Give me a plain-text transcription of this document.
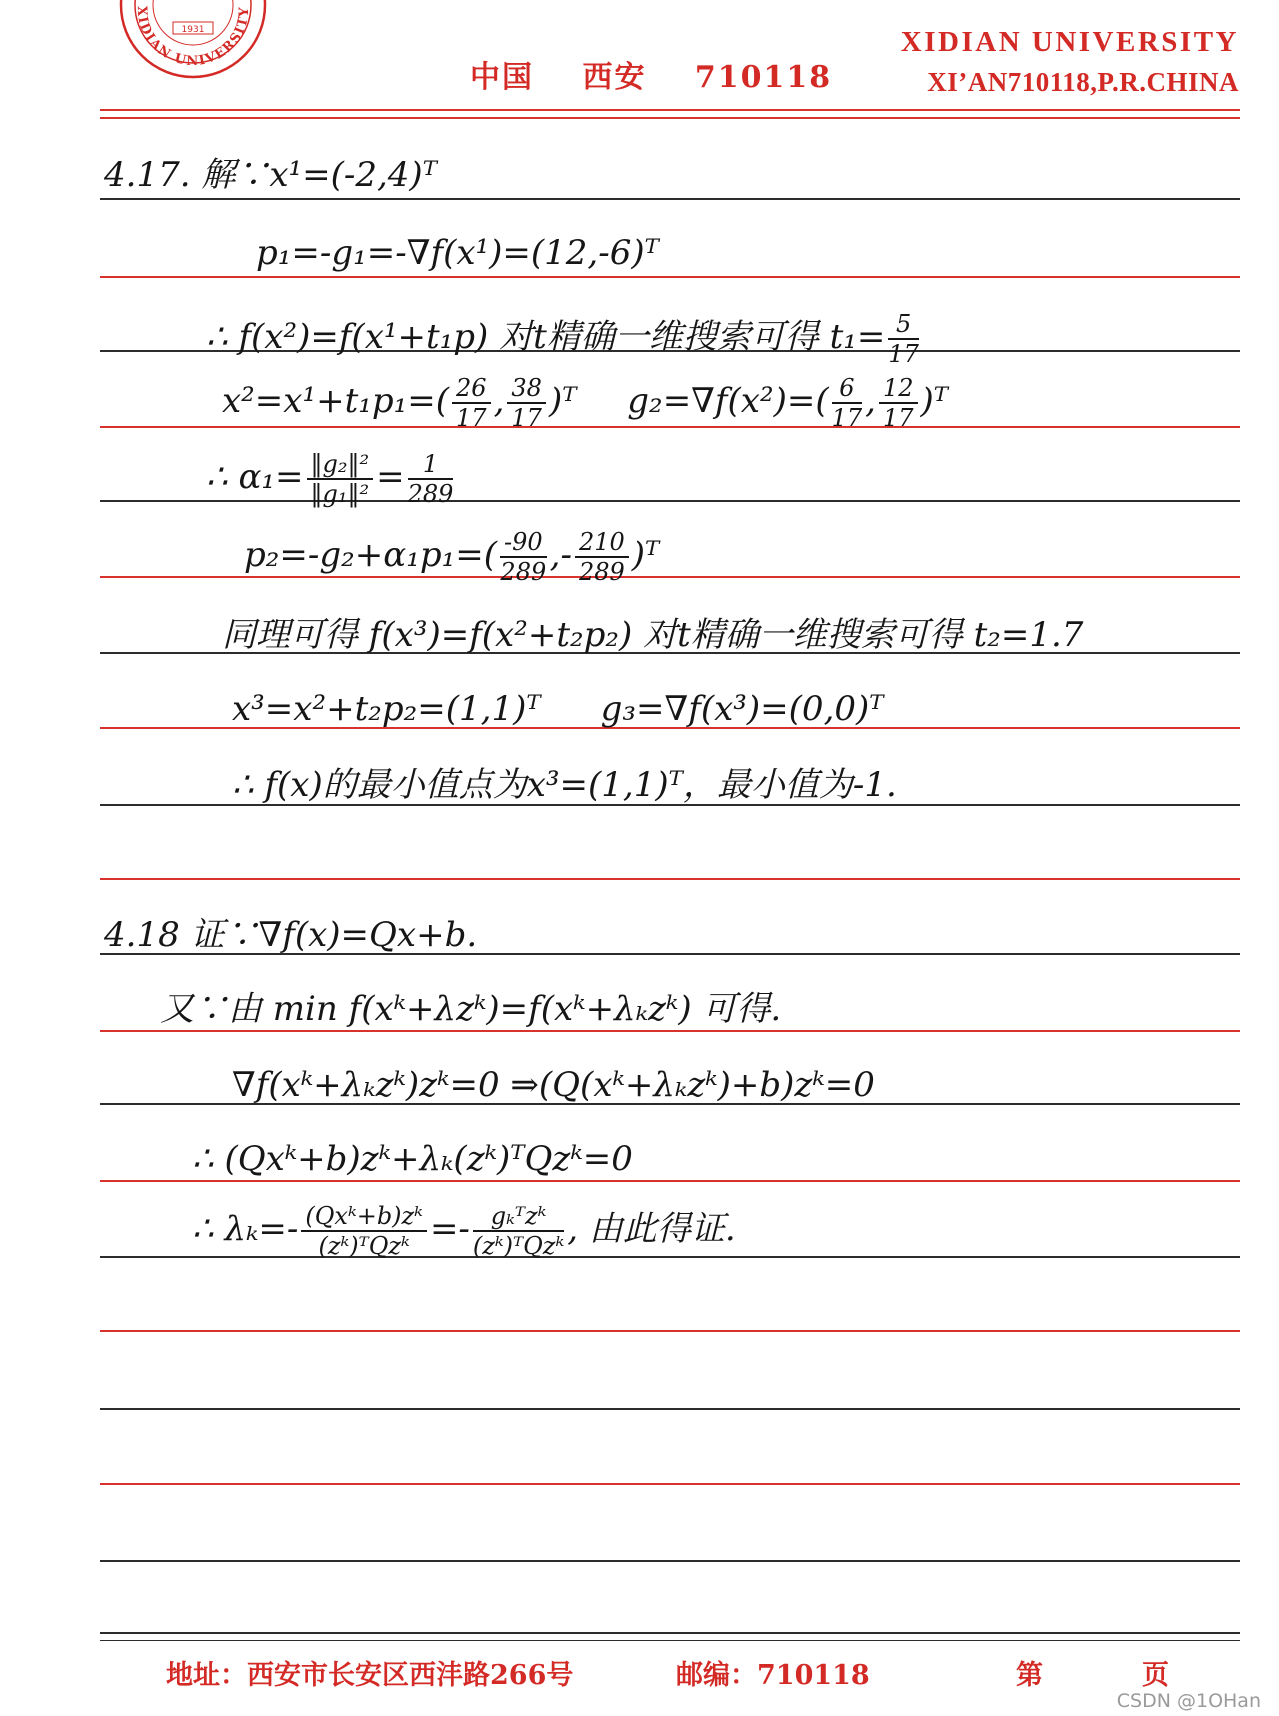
XIDIAN UNIVERSITY
1931
中国 西安 710118
XIDIAN UNIVERSITY
XI’AN710118,P.R.CHINA
4.17. 解∵x¹=(-2,4)ᵀ
p₁=-g₁=-∇f(x¹)=(12,-6)ᵀ
∴ f(x²)=f(x¹+t₁p) 对t精确一维搜索可得 $t_1= \frac{5}{17}$
$x^2=x^1+t_1p_1=( \frac{26}{17}$ , $\frac{38}{17}$ )ᵀ $g_2=\nabla f(x^2)=( \frac{6}{17}$ , $\frac{12}{17}$ )ᵀ
∴ $\alpha_1= \frac{\text{‖g₂‖²}}{\text{‖g₁‖²}} = \frac{1}{289}$
$p_2=-g_2+\alpha_1p_1=( \frac{-90}{289}$ ,- $\frac{210}{289}$ )ᵀ
同理可得 f(x³)=f(x²+t₂p₂) 对t精确一维搜索可得 t₂=1.7
x³=x²+t₂p₂=(1,1)ᵀ g₃=∇f(x³)=(0,0)ᵀ
∴ f(x)的最小值点为x³=(1,1)ᵀ，最小值为-1.
4.18 证∵∇f(x)=Qx+b.
又∵由 min f(xᵏ+λzᵏ)=f(xᵏ+λₖzᵏ) 可得.
∇f(xᵏ+λₖzᵏ)zᵏ=0 ⇒(Q(xᵏ+λₖzᵏ)+b)zᵏ=0
∴ (Qxᵏ+b)zᵏ+λₖ(zᵏ)ᵀQzᵏ=0
∴ $\lambda_k=- \frac{\text{(Qxᵏ+b)zᵏ}}{\text{(zᵏ)ᵀQzᵏ}} =- \frac{\text{gₖᵀzᵏ}}{\text{(zᵏ)ᵀQzᵏ}}$ , 由此得证.
地址：西安市长安区西沣路266号	邮编：710118	第	页
CSDN @1OHan
